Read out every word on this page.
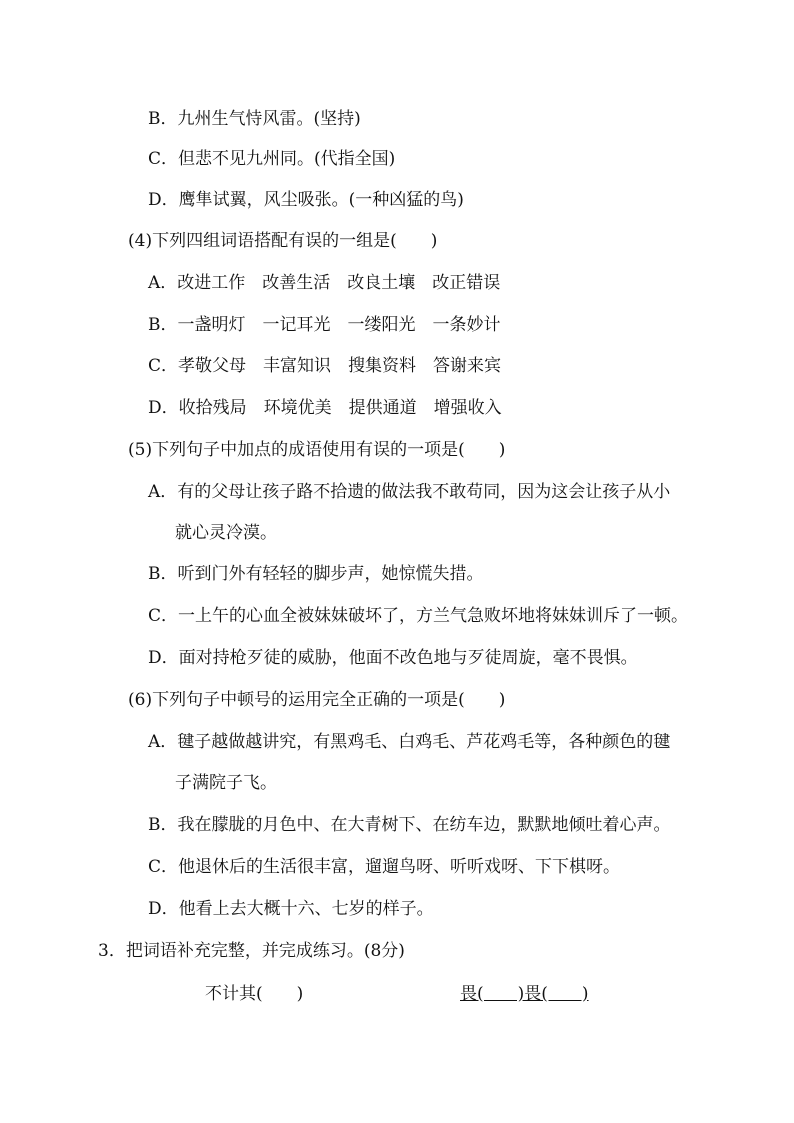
B．九州生气恃风雷。(坚持)
C．但悲不见九州同。(代指全国)
D．鹰隼试翼，风尘吸张。(一种凶猛的鸟)
(4)下列四组词语搭配有误的一组是(　　)
A．改进工作　改善生活　改良土壤　改正错误
B．一盏明灯　一记耳光　一缕阳光　一条妙计
C．孝敬父母　丰富知识　搜集资料　答谢来宾
D．收拾残局　环境优美　提供通道　增强收入
(5)下列句子中加点的成语使用有误的一项是(　　)
A．有的父母让孩子路不拾遗的做法我不敢苟同，因为这会让孩子从小
就心灵冷漠。
B．听到门外有轻轻的脚步声，她惊慌失措。
C．一上午的心血全被妹妹破坏了，方兰气急败坏地将妹妹训斥了一顿。
D．面对持枪歹徒的威胁，他面不改色地与歹徒周旋，毫不畏惧。
(6)下列句子中顿号的运用完全正确的一项是(　　)
A．毽子越做越讲究，有黑鸡毛、白鸡毛、芦花鸡毛等，各种颜色的毽
子满院子飞。
B．我在朦胧的月色中、在大青树下、在纺车边，默默地倾吐着心声。
C．他退休后的生活很丰富，遛遛鸟呀、听听戏呀、下下棋呀。
D．他看上去大概十六、七岁的样子。
3．把词语补充完整，并完成练习。(8分)
不计其(　　)	畏(　　)畏(　　)
